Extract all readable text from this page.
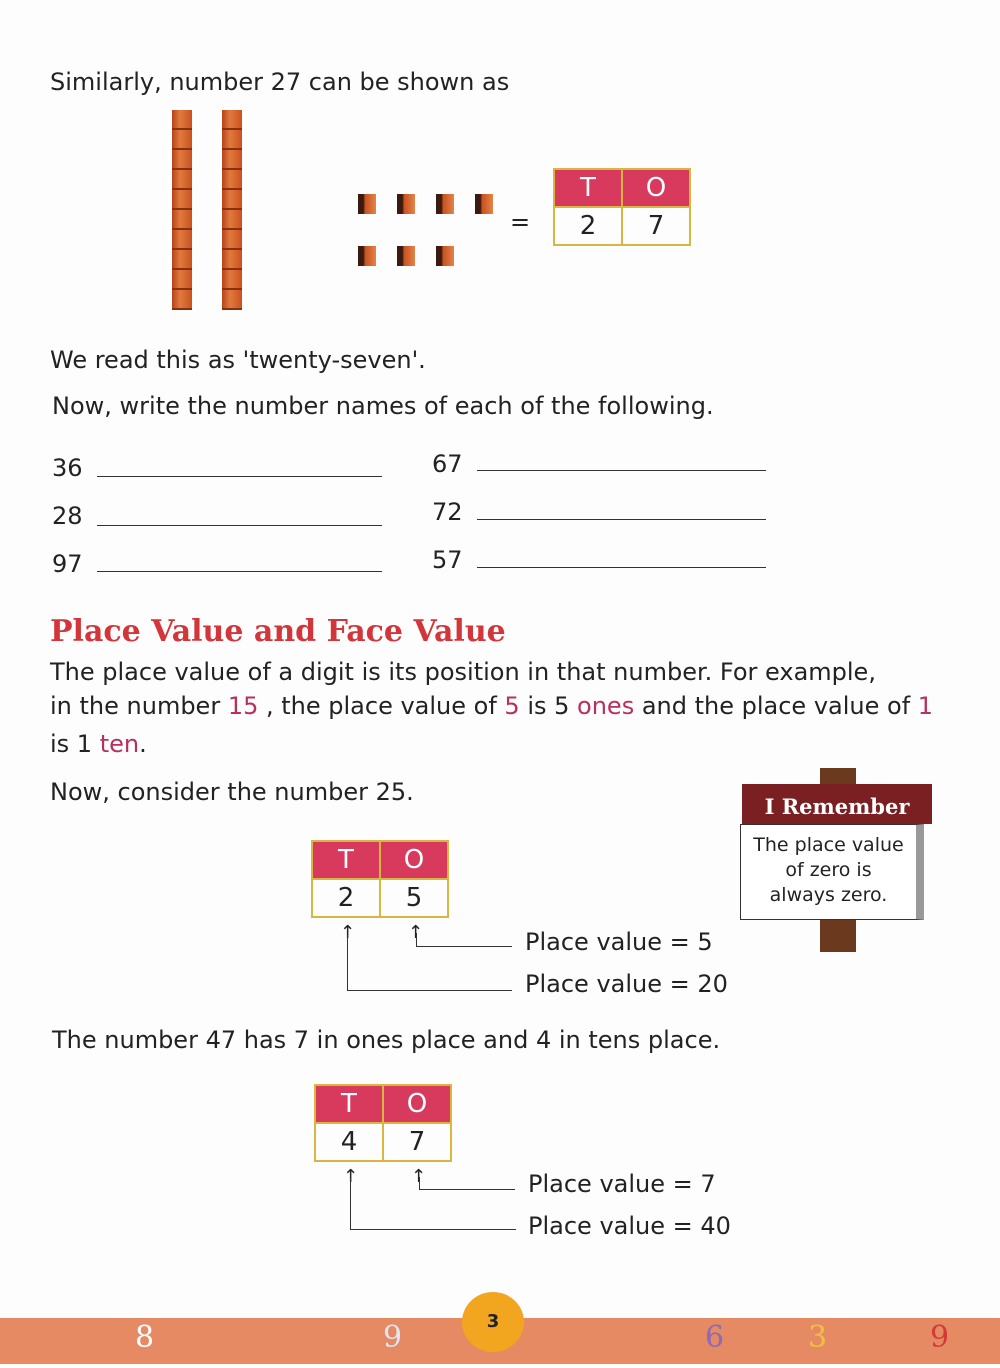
Similarly, number 27 can be shown as
=
T	O
2	7
We read this as 'twenty-seven'.
Now, write the number names of each of the following.
36	67
28	72
97	57
Place Value and Face Value
The place value of a digit is its position in that number. For example,
in the number 15 , the place value of 5 is 5 ones and the place value of 1
is 1 ten.
Now, consider the number 25.
T	O
2	5
↑	↑	Place value = 5
Place value = 20
The number 47 has 7 in ones place and 4 in tens place.
T	O
4	7
↑	↑	Place value = 7
Place value = 40
I Remember
The place value
of zero is
always zero.
8	9	6	3	9
3
